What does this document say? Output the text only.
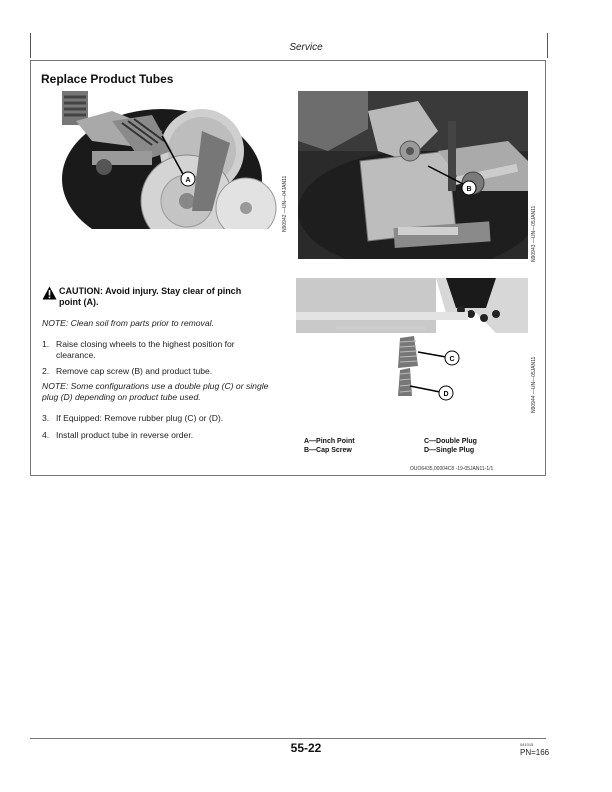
Service
Replace Product Tubes
A	N90942 —UN—04JAN11	B
N90943 —UN—05JAN11
C
D	N90944 —UN—05JAN11
CAUTION: Avoid injury. Stay clear of pinch point (A).
NOTE: Clean soil from parts prior to removal.
1. Raise closing wheels to the highest position for clearance.
2. Remove cap screw (B) and product tube.
NOTE: Some configurations use a double plug (C) or single plug (D) depending on product tube used.
3. If Equipped: Remove rubber plug (C) or (D).
4. Install product tube in reverse order.
A—Pinch Point
B—Cap Screw
C—Double Plug
D—Single Plug
OUO6435,00004C8 -19-05JAN11-1/1
55-22	041015
PN=166
